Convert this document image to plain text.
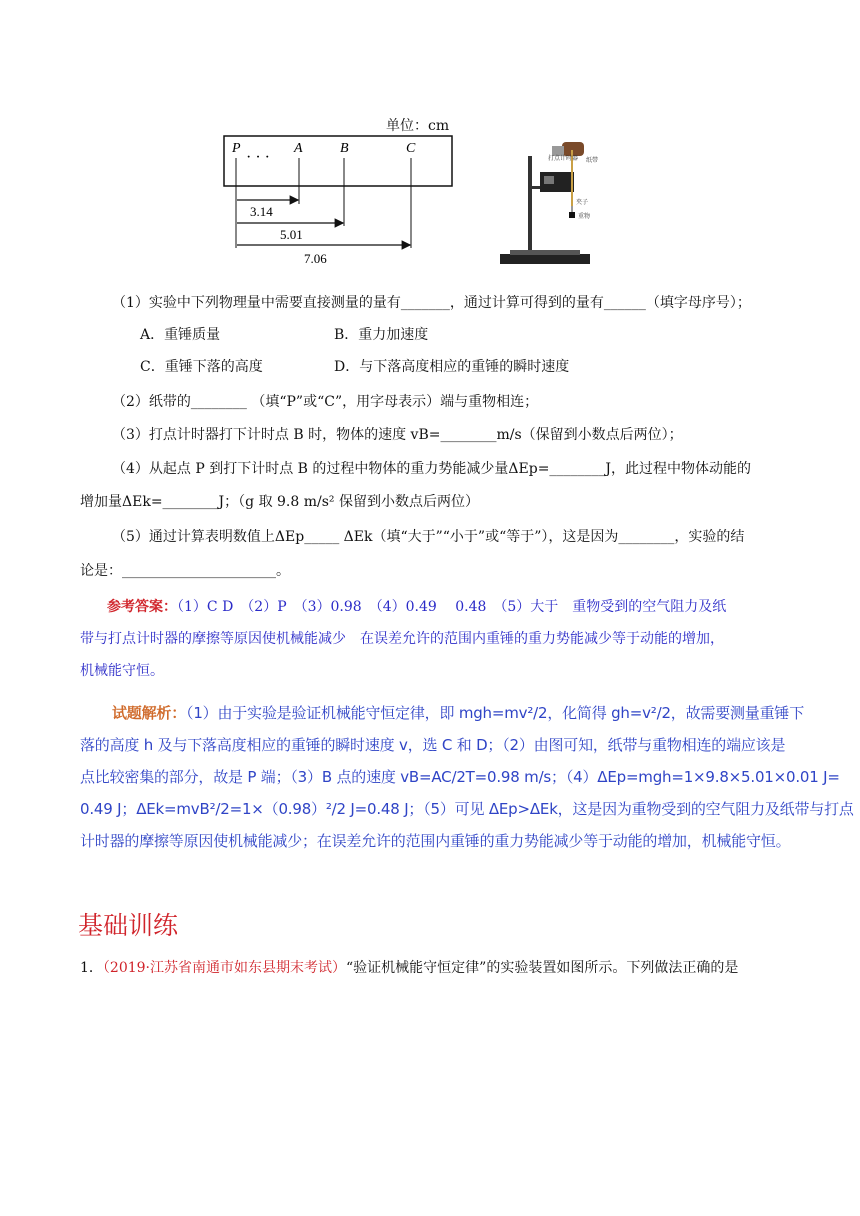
单位：cm
P
· · ·
A	B	C
3.14
5.01
7.06
打点计时器 纸带
夹子
重物
（1）实验中下列物理量中需要直接测量的量有_______，通过计算可得到的量有______（填字母序号）；
A．重锤质量	B．重力加速度
C．重锤下落的高度	D．与下落高度相应的重锤的瞬时速度
（2）纸带的________ （填“P”或“C”，用字母表示）端与重物相连；
（3）打点计时器打下计时点 B 时，物体的速度 vB=________m/s（保留到小数点后两位）；
（4）从起点 P 到打下计时点 B 的过程中物体的重力势能减少量ΔEp=________J，此过程中物体动能的
增加量ΔEk=________J；（g 取 9.8 m/s² 保留到小数点后两位）
（5）通过计算表明数值上ΔEp_____ ΔEk（填“大于”“小于”或“等于”），这是因为________，实验的结
论是：______________________。
参考答案：（1）C D　（2）P　（3）0.98　（4）0.49　 0.48　（5）大于　重物受到的空气阻力及纸
带与打点计时器的摩擦等原因使机械能减少　在误差允许的范围内重锤的重力势能减少等于动能的增加，
机械能守恒。
试题解析：（1）由于实验是验证机械能守恒定律，即 mgh=mv²/2，化简得 gh=v²/2，故需要测量重锤下
落的高度 h 及与下落高度相应的重锤的瞬时速度 v，选 C 和 D；（2）由图可知，纸带与重物相连的端应该是
点比较密集的部分，故是 P 端；（3）B 点的速度 vB=AC/2T=0.98 m/s；（4）ΔEp=mgh=1×9.8×5.01×0.01 J=
0.49 J；ΔEk=mvB²/2=1×（0.98）²/2 J=0.48 J；（5）可见 ΔEp>ΔEk，这是因为重物受到的空气阻力及纸带与打点
计时器的摩擦等原因使机械能减少；在误差允许的范围内重锤的重力势能减少等于动能的增加，机械能守恒。
基础训练
1．（2019·江苏省南通市如东县期末考试）“验证机械能守恒定律”的实验装置如图所示。下列做法正确的是
